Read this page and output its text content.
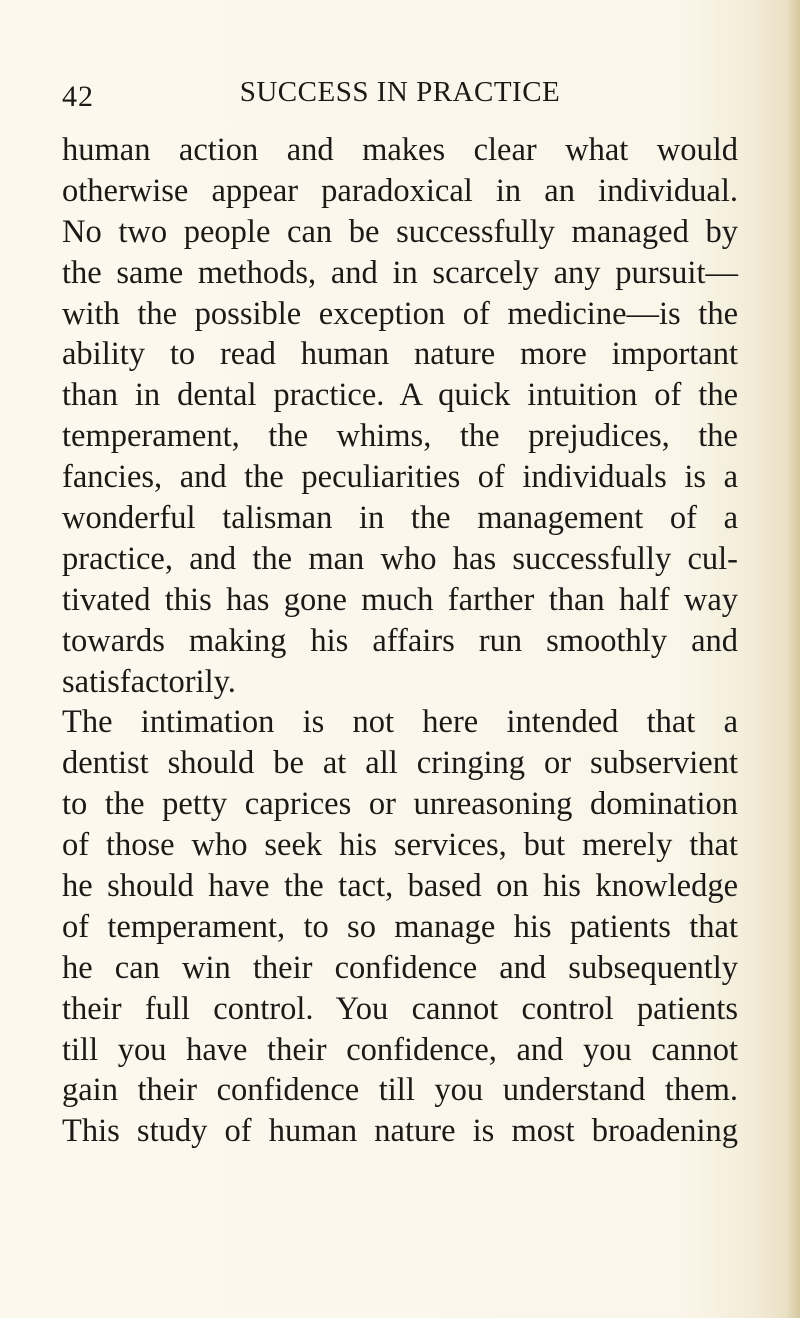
42	SUCCESS IN PRACTICE
human action and makes clear what would
otherwise appear paradoxical in an individual.
No two people can be successfully managed by
the same methods, and in scarcely any pursuit—
with the possible exception of medicine—is the
ability to read human nature more important
than in dental practice. A quick intuition of the
temperament, the whims, the prejudices, the
fancies, and the peculiarities of individuals is a
wonderful talisman in the management of a
practice, and the man who has successfully cul-
tivated this has gone much farther than half way
towards making his affairs run smoothly and
satisfactorily.
The intimation is not here intended that a
dentist should be at all cringing or subservient
to the petty caprices or unreasoning domination
of those who seek his services, but merely that
he should have the tact, based on his knowledge
of temperament, to so manage his patients that
he can win their confidence and subsequently
their full control. You cannot control patients
till you have their confidence, and you cannot
gain their confidence till you understand them.
This study of human nature is most broadening
